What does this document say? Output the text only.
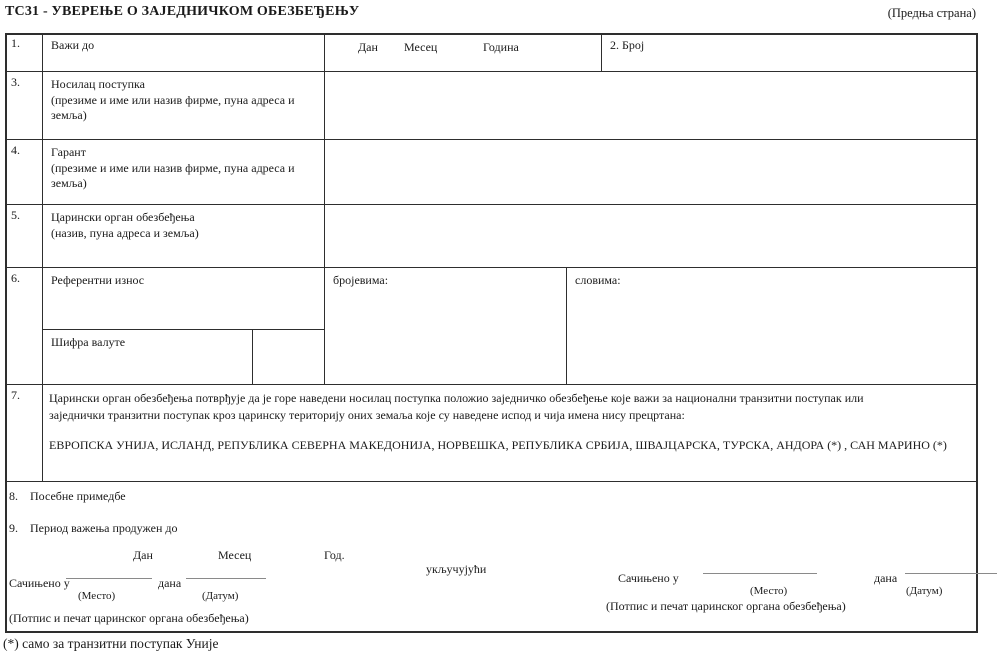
ТС31 - УВЕРЕЊЕ О ЗАЈЕДНИЧКОМ ОБЕЗБЕЂЕЊУ	(Предња страна)
1.	Важи до	Дан Месец	Година	2. Број
3.	Носилац поступка
(презиме и име или назив фирме, пуна адреса и земља)
4.	Гарант
(презиме и име или назив фирме, пуна адреса и земља)
5.	Царински орган обезбеђења
(назив, пуна адреса и земља)
6.	Референтни износ
Шифра валуте
бројевима:	словима:
7.	Царински орган обезбеђења потврђује да је горе наведени носилац поступка положио заједничко обезбеђење које важи за национални транзитни поступак или заједнички транзитни поступак кроз царинску територију оних земаља које су наведене испод и чија имена нису прецртана:

ЕВРОПСКА УНИЈА, ИСЛАНД, РЕПУБЛИКА СЕВЕРНА МАКЕДОНИЈА, НОРВЕШКА, РЕПУБЛИКА СРБИЈА, ШВАЈЦАРСКА, ТУРСКА, АНДОРА (*) , САН МАРИНО (*)

8. Посебне примедбе
9. Период важења продужен до
Дан	Месец	Год.
укључујући
Сачињено у	дана
(Место)	(Датум)
(Потпис и печат царинског органа обезбеђења)
Сачињено у	дана
(Место)	(Датум)
(Потпис и печат царинског органа обезбеђења)
(*) само за транзитни поступак Уније
